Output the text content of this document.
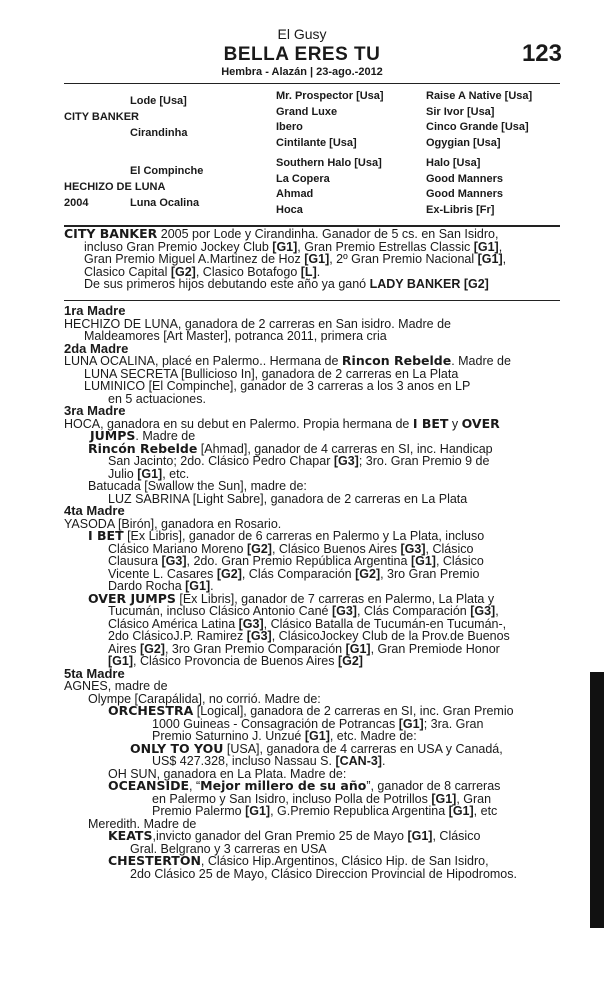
El Gusy
BELLA ERES TU	123
Hembra - Alazán | 23-ago.-2012
Lode [Usa]
CITY BANKER
Cirandinha
El Compinche
HECHIZO DE LUNA
2004	Luna Ocalina
Mr. Prospector [Usa]
Grand Luxe
Ibero
Cintilante [Usa]
Southern Halo [Usa]
La Copera
Ahmad
Hoca
Raise A Native [Usa]
Sir Ivor [Usa]
Cinco Grande [Usa]
Ogygian [Usa]
Halo [Usa]
Good Manners
Good Manners
Ex-Libris [Fr]
CITY BANKER 2005 por Lode y Cirandinha. Ganador de 5 cs. en San Isidro,
incluso Gran Premio Jockey Club [G1], Gran Premio Estrellas Classic [G1],
Gran Premio Miguel A.Martinez de Hoz [G1], 2º Gran Premio Nacional [G1],
Clasico Capital [G2], Clasico Botafogo [L].
De sus primeros hijos debutando este año ya ganó LADY BANKER [G2]
1ra Madre
HECHIZO DE LUNA, ganadora de 2 carreras en San isidro. Madre de
Maldeamores [Art Master], potranca 2011, primera cria
2da Madre
LUNA OCALINA, placé en Palermo.. Hermana de Rincon Rebelde. Madre de
LUNA SECRETA [Bullicioso In], ganadora de 2 carreras en La Plata
LUMINICO [El Compinche], ganador de 3 carreras a los 3 anos en LP
en 5 actuaciones.
3ra Madre
HOCA, ganadora en su debut en Palermo. Propia hermana de I BET y OVER
JUMPS. Madre de
Rincón Rebelde [Ahmad], ganador de 4 carreras en SI, inc. Handicap
San Jacinto; 2do. Clásico Pedro Chapar [G3]; 3ro. Gran Premio 9 de
Julio [G1], etc.
Batucada [Swallow the Sun], madre de:
LUZ SABRINA [Light Sabre], ganadora de 2 carreras en La Plata
4ta Madre
YASODA [Birón], ganadora en Rosario.
I BET [Ex Libris], ganador de 6 carreras en Palermo y La Plata, incluso
Clásico Mariano Moreno [G2], Clásico Buenos Aires [G3], Clásico
Clausura [G3], 2do. Gran Premio República Argentina [G1], Clásico
Vicente L. Casares [G2], Clás Comparación [G2], 3ro Gran Premio
Dardo Rocha [G1].
OVER JUMPS [Ex Libris], ganador de 7 carreras en Palermo, La Plata y
Tucumán, incluso Clásico Antonio Cané [G3], Clás Comparación [G3],
Clásico América Latina [G3], Clásico Batalla de Tucumán-en Tucumán-,
2do ClásicoJ.P. Ramirez [G3], ClásicoJockey Club de la Prov.de Buenos
Aires [G2], 3ro Gran Premio Comparación [G1], Gran Premiode Honor
[G1], Clásico Provoncia de Buenos Aires [G2]
5ta Madre
AGNES, madre de
Olympe [Carapálida], no corrió. Madre de:
ORCHESTRA [Logical], ganadora de 2 carreras en SI, inc. Gran Premio
1000 Guineas - Consagración de Potrancas [G1]; 3ra. Gran
Premio Saturnino J. Unzué [G1], etc. Madre de:
ONLY TO YOU [USA], ganadora de 4 carreras en USA y Canadá,
US$ 427.328, incluso Nassau S. [CAN-3].
OH SUN, ganadora en La Plata. Madre de:
OCEANSIDE, “Mejor millero de su año”, ganador de 8 carreras
en Palermo y San Isidro, incluso Polla de Potrillos [G1], Gran
Premio Palermo [G1], G.Premio Republica Argentina [G1], etc
Meredith. Madre de
KEATS,invicto ganador del Gran Premio 25 de Mayo [G1], Clásico
Gral. Belgrano y 3 carreras en USA
CHESTERTON, Clásico Hip.Argentinos, Clásico Hip. de San Isidro,
2do Clásico 25 de Mayo, Clásico Direccion Provincial de Hipodromos.
